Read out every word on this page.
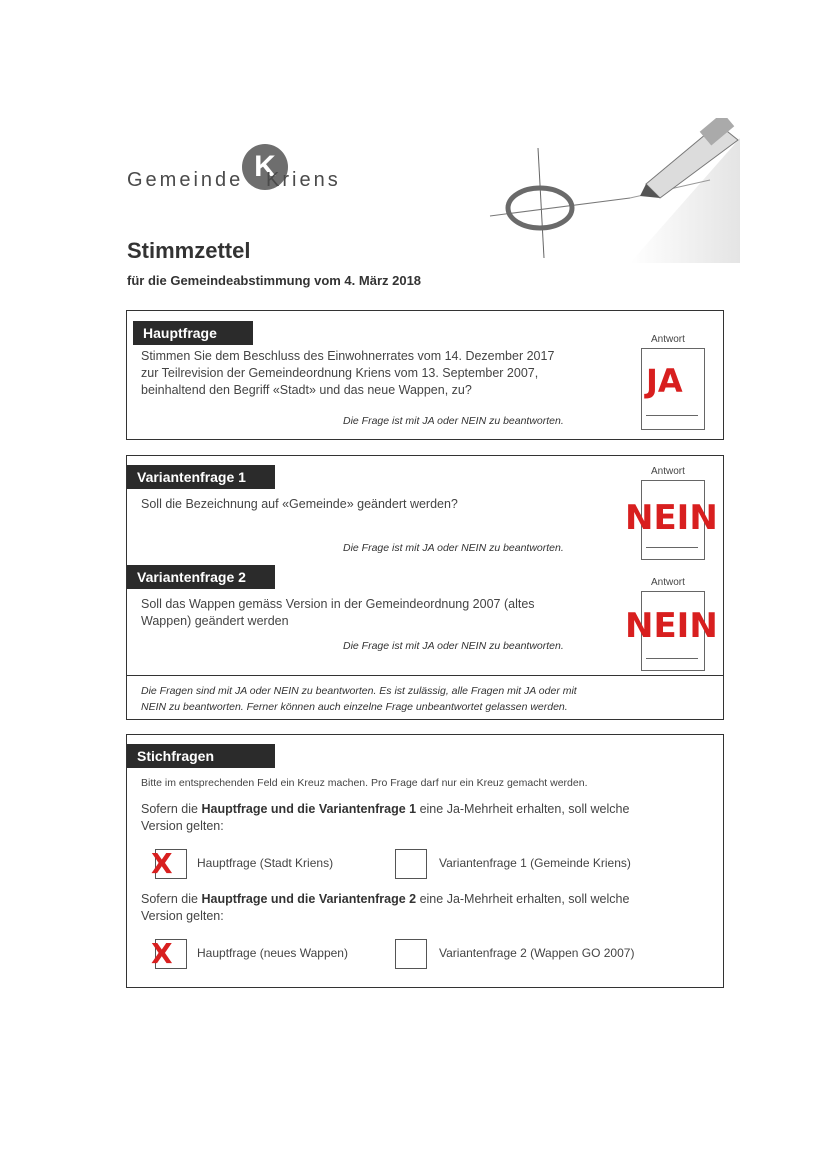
Gemeinde K
Kriens
Stimmzettel
für die Gemeindeabstimmung vom 4. März 2018
Hauptfrage
Stimmen Sie dem Beschluss des Einwohnerrates vom 14. Dezember 2017
zur Teilrevision der Gemeindeordnung Kriens vom 13. September 2007,
beinhaltend den Begriff «Stadt» und das neue Wappen, zu?
Die Frage ist mit JA oder NEIN zu beantworten.
Antwort
JA
Variantenfrage 1
Soll die Bezeichnung auf «Gemeinde» geändert werden?
Die Frage ist mit JA oder NEIN zu beantworten.
Antwort
NEIN
Variantenfrage 2
Soll das Wappen gemäss Version in der Gemeindeordnung 2007 (altes
Wappen) geändert werden
Die Frage ist mit JA oder NEIN zu beantworten.
Antwort
NEIN
Die Fragen sind mit JA oder NEIN zu beantworten. Es ist zulässig, alle Fragen mit JA oder mit
NEIN zu beantworten. Ferner können auch einzelne Frage unbeantwortet gelassen werden.
Stichfragen
Bitte im entsprechenden Feld ein Kreuz machen. Pro Frage darf nur ein Kreuz gemacht werden.
Sofern die Hauptfrage und die Variantenfrage 1 eine Ja-Mehrheit erhalten, soll welche
Version gelten:
X Hauptfrage (Stadt Kriens)	Variantenfrage 1 (Gemeinde Kriens)
Sofern die Hauptfrage und die Variantenfrage 2 eine Ja-Mehrheit erhalten, soll welche
Version gelten:
X Hauptfrage (neues Wappen)	Variantenfrage 2 (Wappen GO 2007)
